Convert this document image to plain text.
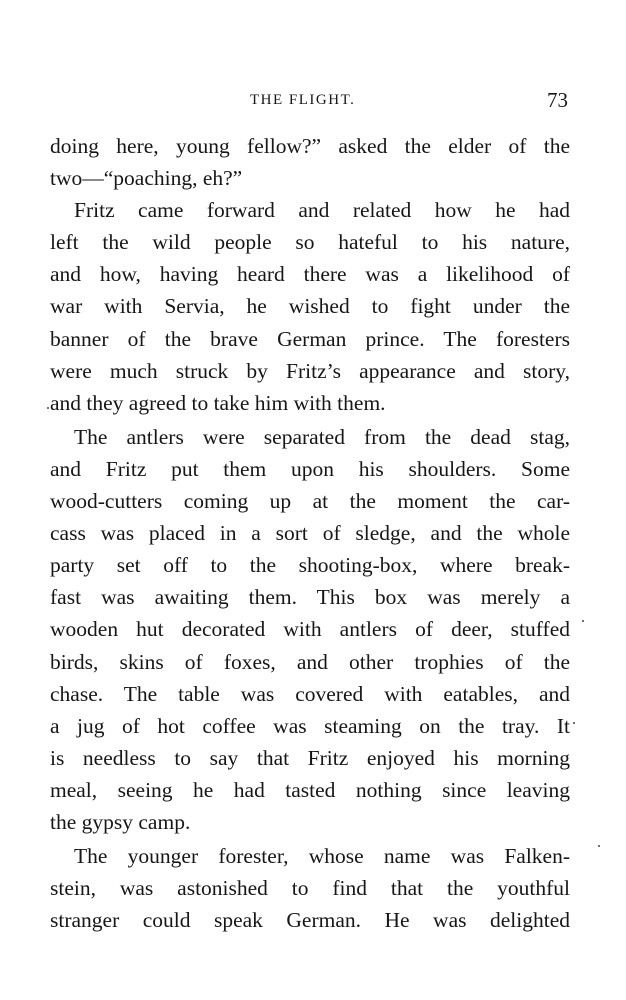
THE FLIGHT.	73
doing here, young fellow?” asked the elder of the
two—“poaching, eh?”
Fritz came forward and related how he had
left the wild people so hateful to his nature,
and how, having heard there was a likelihood of
war with Servia, he wished to fight under the
banner of the brave German prince. The foresters
were much struck by Fritz’s appearance and story,
and they agreed to take him with them.
The antlers were separated from the dead stag,
and Fritz put them upon his shoulders. Some
wood-cutters coming up at the moment the car-
cass was placed in a sort of sledge, and the whole
party set off to the shooting-box, where break-
fast was awaiting them. This box was merely a
wooden hut decorated with antlers of deer, stuffed
birds, skins of foxes, and other trophies of the
chase. The table was covered with eatables, and
a jug of hot coffee was steaming on the tray. It
is needless to say that Fritz enjoyed his morning
meal, seeing he had tasted nothing since leaving
the gypsy camp.
The younger forester, whose name was Falken-
stein, was astonished to find that the youthful
stranger could speak German. He was delighted
